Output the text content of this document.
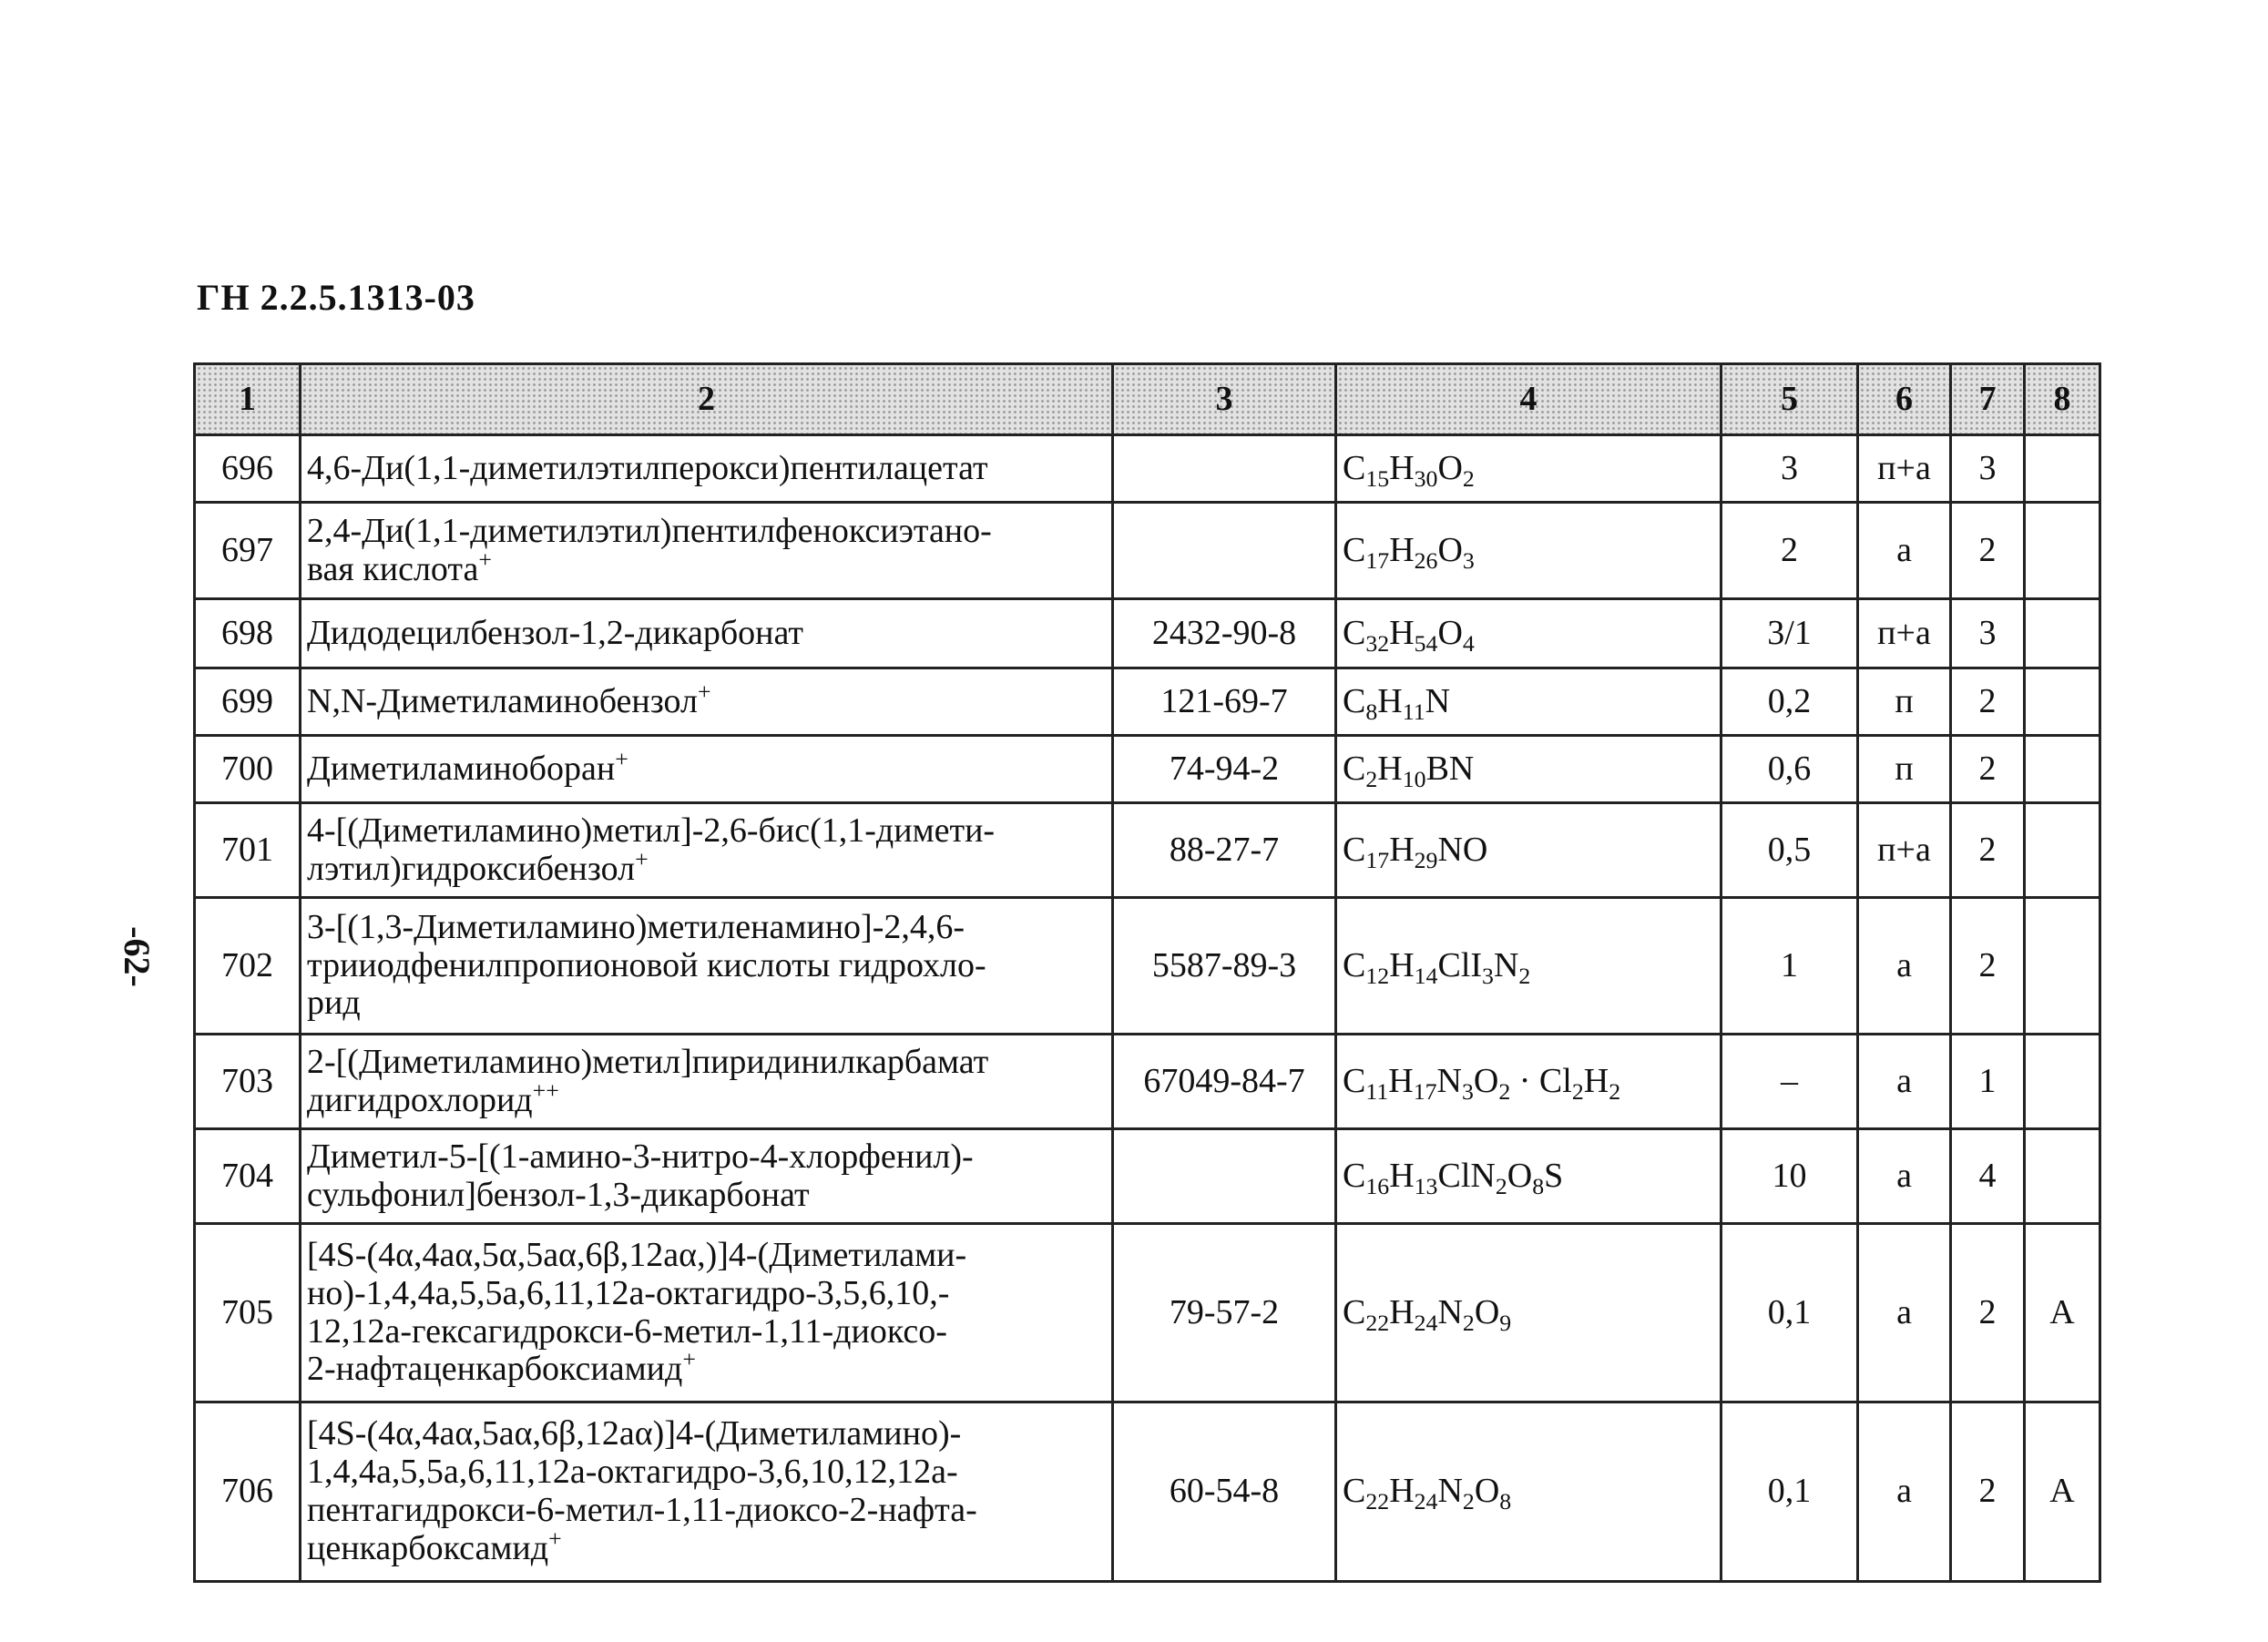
ГН 2.2.5.1313-03
-62-
1	2	3	4	5	6	7	8
696	4,6-Ди(1,1-диметилэтилперокси)пентилацетат		$C_{15}H_{30}O_2$	3	п+а	3	
697	2,4-Ди(1,1-диметилэтил)пентилфеноксиэтано-
вая кислота+		$C_{17}H_{26}O_3$	2	а	2	
698	Дидодецилбензол-1,2-дикарбонат	2432-90-8	$C_{32}H_{54}O_4$	3/1	п+а	3	
699	N,N-Диметиламинобензол+	121-69-7	$C_8H_{11}N$	0,2	п	2	
700	Диметиламиноборан+	74-94-2	$C_2H_{10}BN$	0,6	п	2	
701	4-[(Диметиламино)метил]-2,6-бис(1,1-димети-
лэтил)гидроксибензол+	88-27-7	$C_{17}H_{29}NO$	0,5	п+а	2	
702	3-[(1,3-Диметиламино)метиленамино]-2,4,6-
трииодфенилпропионовой кислоты гидрохло-
рид	5587-89-3	$C_{12}H_{14}ClI_3N_2$	1	а	2	
703	2-[(Диметиламино)метил]пиридинилкарбамат
дигидрохлорид++	67049-84-7	$C_{11}H_{17}N_3O_2 \cdot Cl_2H_2$	–	а	1	
704	Диметил-5-[(1-амино-3-нитро-4-хлорфенил)-
сульфонил]бензол-1,3-дикарбонат		$C_{16}H_{13}ClN_2O_8S$	10	а	4	
705	[4S-(4α,4aα,5α,5aα,6β,12aα,)]4-(Диметилами-
но)-1,4,4a,5,5a,6,11,12a-октагидро-3,5,6,10,-
12,12a-гексагидрокси-6-метил-1,11-диоксо-
2-нафтаценкарбоксиамид+	79-57-2	$C_{22}H_{24}N_2O_9$	0,1	а	2	А
706	[4S-(4α,4aα,5aα,6β,12aα)]4-(Диметиламино)-
1,4,4a,5,5a,6,11,12a-октагидро-3,6,10,12,12a-
пентагидрокси-6-метил-1,11-диоксо-2-нафта-
ценкарбоксамид+	60-54-8	$C_{22}H_{24}N_2O_8$	0,1	а	2	А
